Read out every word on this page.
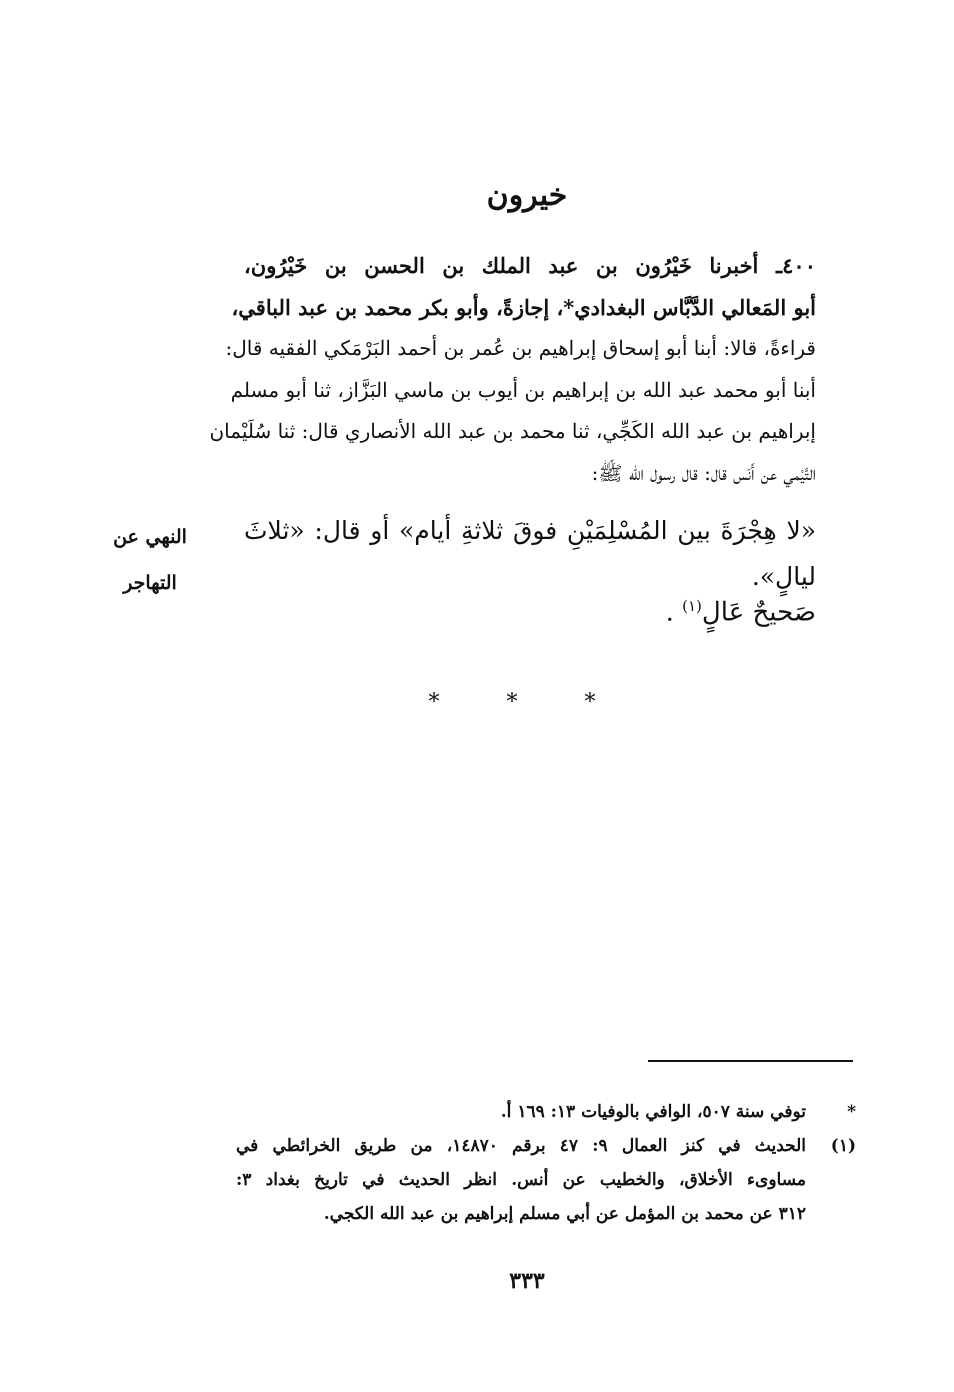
خيرون
٤٠٠ـ أخبرنا خَيْرُون بن عبد الملك بن الحسن بن خَيْرُون،
أبو المَعالي الدَّبَّاس البغدادي*، إجازةً، وأبو بكر محمد بن عبد الباقي،
قراءةً، قالا: أبنا أبو إسحاق إبراهيم بن عُمر بن أحمد البَرْمَكي الفقيه قال:
أبنا أبو محمد عبد الله بن إبراهيم بن أيوب بن ماسي البَزَّاز، ثنا أبو مسلم
إبراهيم بن عبد الله الكَجِّي، ثنا محمد بن عبد الله الأنصاري قال: ثنا سُلَيْمان
التَّيْمي عن أَنَس قال: قال رسول الله ﷺ:
«لا هِجْرَةَ بين المُسْلِمَيْنِ فوقَ ثلاثةِ أيام» أو قال: «ثلاثَ
ليالٍ».
صَحيحٌ عَالٍ$^{(١)}$ .
النهي عن
التهاجر
* * *
*
توفي سنة ٥٠٧، الوافي بالوفيات ١٣: ١٦٩ أ.
(١)
الحديث في كنز العمال ٩: ٤٧ برقم ١٤٨٧٠، من طريق الخرائطي في
مساوىء الأخلاق، والخطيب عن أنس. انظر الحديث في تاريخ بغداد ٣:
٣١٢ عن محمد بن المؤمل عن أبي مسلم إبراهيم بن عبد الله الكجي.
٣٣٣
